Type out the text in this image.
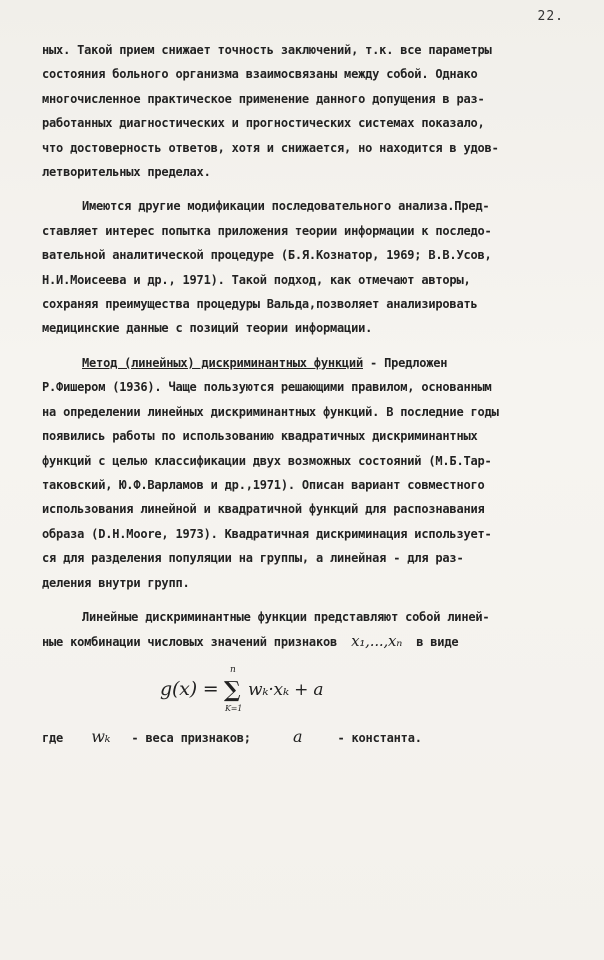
22.
ных. Такой прием снижает точность заключений, т.к. все параметры
состояния больного организма взаимосвязаны между собой. Однако
многочисленное практическое применение данного допущения в раз-
работанных диагностических и прогностических системах показало,
что достоверность ответов, хотя и снижается, но находится в удов-
летворительных пределах.
Имеются другие модификации последовательного анализа.Пред-
ставляет интерес попытка приложения теории информации к последо-
вательной аналитической процедуре (Б.Я.Кознатор, 1969; В.В.Усов,
Н.И.Моисеева и др., 1971). Такой подход, как отмечают авторы,
сохраняя преимущества процедуры Вальда,позволяет анализировать
медицинские данные с позиций теории информации.
Метод (линейных) дискриминантных функций - Предложен
Р.Фишером (1936). Чаще пользуются решающими правилом, основанным
на определении линейных дискриминантных функций. В последние годы
появились работы по использованию квадратичных дискриминантных
функций с целью классификации двух возможных состояний (М.Б.Тар-
таковский, Ю.Ф.Варламов и др.,1971). Описан вариант совместного
использования линейной и квадратичной функций для распознавания
образа (D.H.Moore, 1973). Квадратичная дискриминация использует-
ся для разделения популяции на группы, а линейная - для раз-
деления внутри групп.
Линейные дискриминантные функции представляют собой линей-
ные комбинации числовых значений признаков x₁,...,xₙ в виде
g(x) =
n
∑
K=1
wₖ·xₖ + a
где wₖ - веса признаков;	a	- константа.
